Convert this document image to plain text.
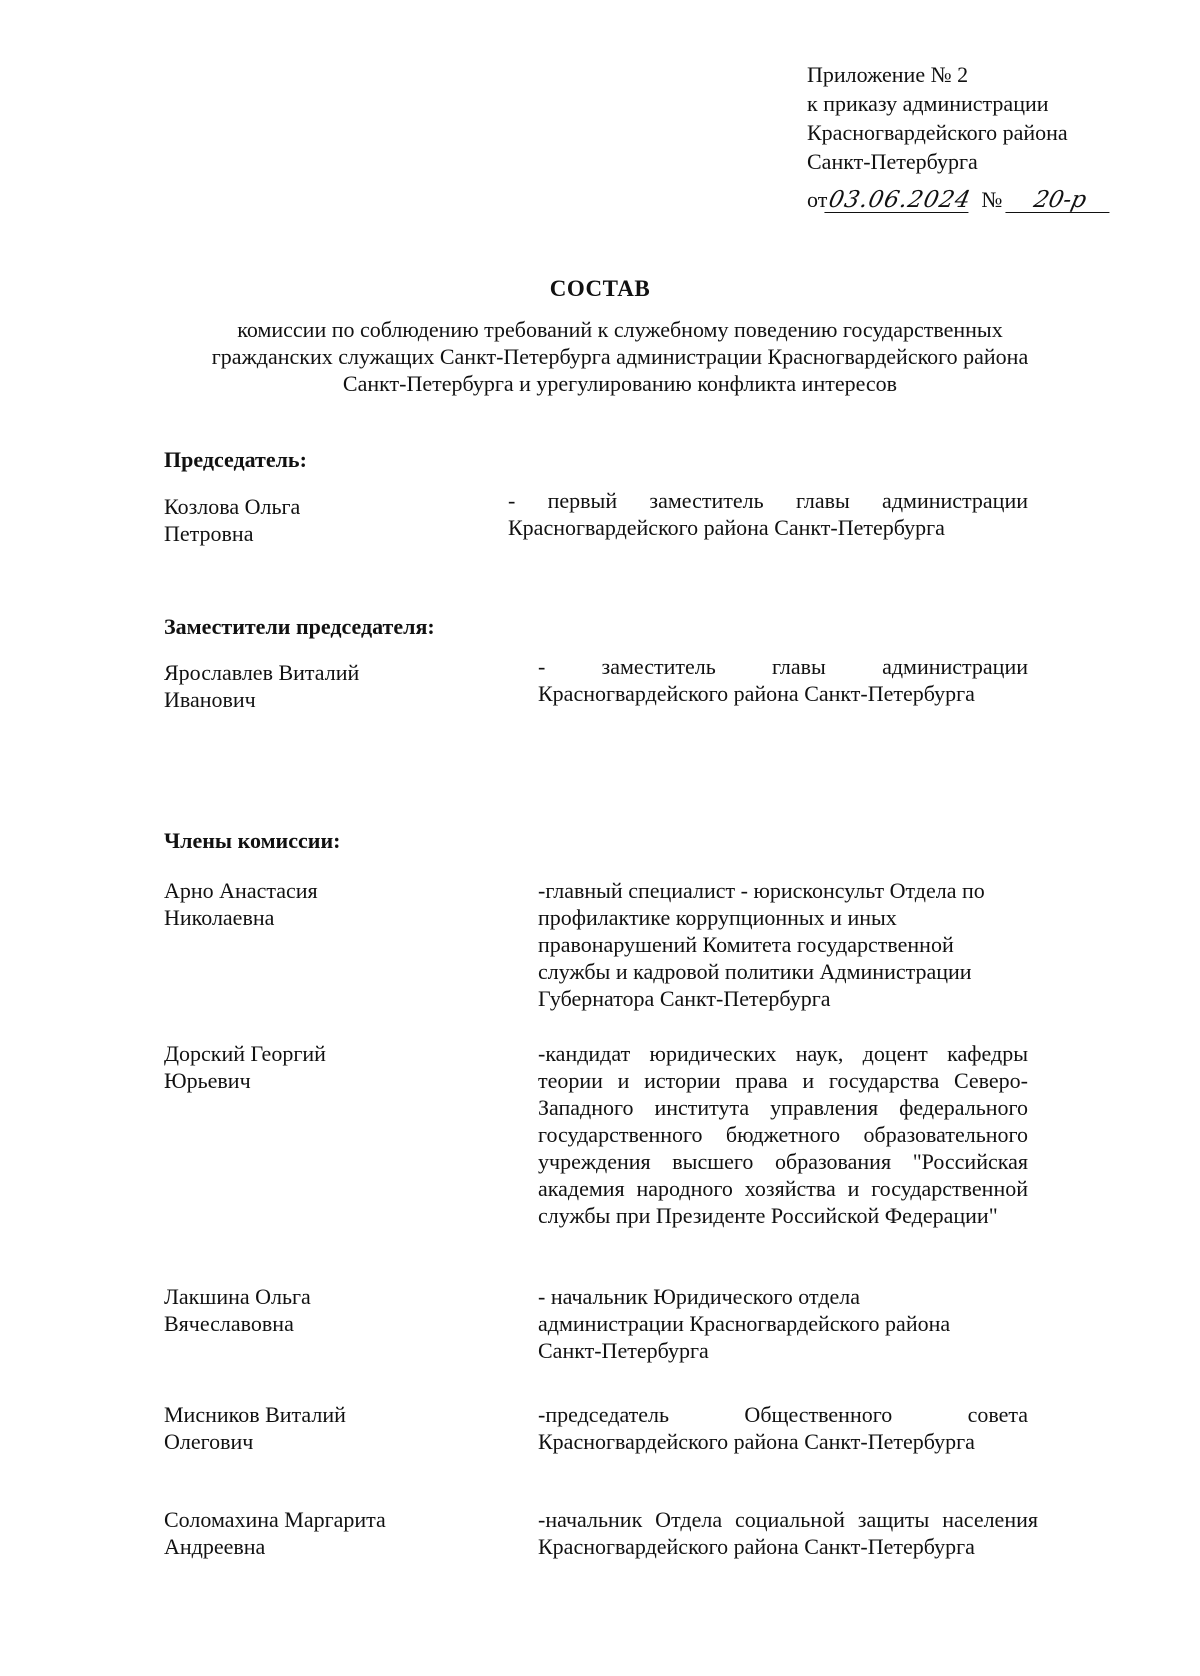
Приложение № 2
к приказу администрации
Красногвардейского района
Санкт-Петербурга
от 03.06.2024 №	20-р
СОСТАВ
комиссии по соблюдению требований к служебному поведению государственных гражданских служащих Санкт-Петербурга администрации Красногвардейского района Санкт-Петербурга и урегулированию конфликта интересов
Председатель:
Козлова Ольга
Петровна
- первый заместитель главы администрации Красногвардейского района Санкт-Петербурга
Заместители председателя:
Ярославлев Виталий
Иванович
- заместитель главы администрации Красногвардейского района Санкт-Петербурга
Члены комиссии:
Арно Анастасия
Николаевна
-главный специалист - юрисконсульт Отдела по профилактике коррупционных и иных правонарушений Комитета государственной службы и кадровой политики Администрации Губернатора Санкт-Петербурга
Дорский Георгий
Юрьевич
-кандидат юридических наук, доцент кафедры теории и истории права и государства Северо-Западного института управления федерального государственного бюджетного образовательного учреждения высшего образования "Российская академия народного хозяйства и государственной службы при Президенте Российской Федерации"
Лакшина Ольга
Вячеславовна
- начальник Юридического отдела администрации Красногвардейского района Санкт-Петербурга
Мисников Виталий
Олегович
-председатель Общественного совета Красногвардейского района Санкт-Петербурга
Соломахина Маргарита
Андреевна
-начальник Отдела социальной защиты населения Красногвардейского района Санкт-Петербурга
